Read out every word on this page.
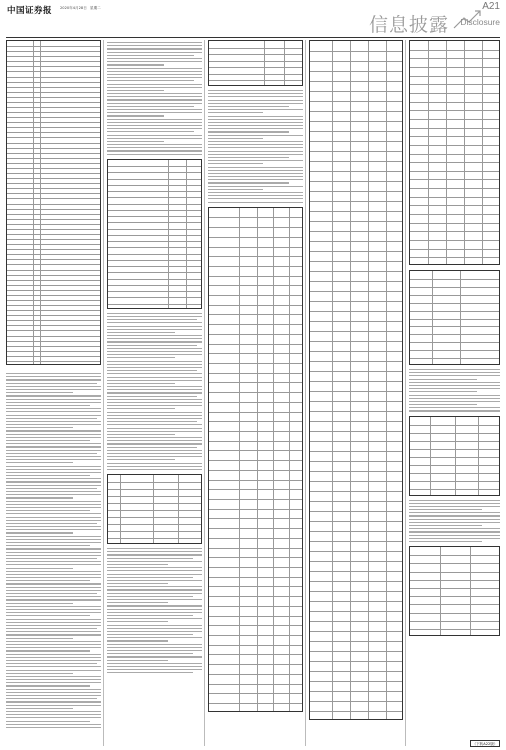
中国证券报 2020年4月28日 星期二
信息披露
A21
Disclosure
（下转A22版）
